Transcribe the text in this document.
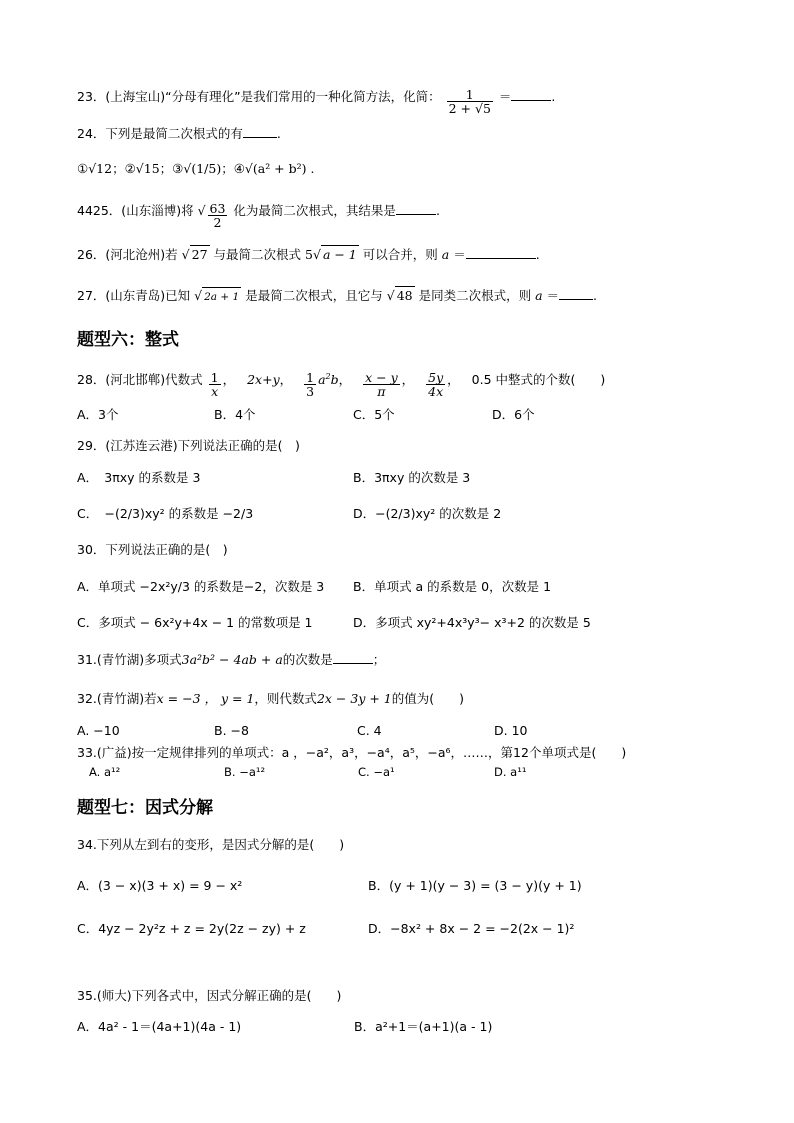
23．(上海宝山)“分母有理化”是我们常用的一种化简方法，化简： $\frac{1}{2 + √5}$ ＝	.
24．下列是最简二次根式的有	.
①√12；②√15；③√(1/5)；④√(a² + b²) .
4425．(山东淄博)将 √ $\frac{63}{2}$ 化为最简二次根式，其结果是	.
26．(河北沧州)若 √ 27 与最简二次根式 5√ a − 1 可以合并，则 a ＝	.
27．(山东青岛)已知 √ 2a + 1 是最简二次根式，且它与 √ 48 是同类二次根式，则 a ＝	.
题型六：整式
28．(河北邯郸)代数式 $\frac{1}{x}$ ， 2x+y， $\frac{1}{3} a^2b$， $\frac{x - y}{\pi}$ ， $\frac{5y}{4x}$ ， 0.5 中整式的个数(　　)
A．3个	B．4个	C．5个	D．6个
29．(江苏连云港)下列说法正确的是(　)
A．　3πxy 的系数是 3	B．3πxy 的次数是 3
C．　−(2/3)xy² 的系数是 −2/3	D．−(2/3)xy² 的次数是 2
30．下列说法正确的是(　)
A．单项式 −2x²y/3 的系数是−2，次数是 3 B．单项式 a 的系数是 0，次数是 1
C．多项式 − 6x²y+4x − 1 的常数项是 1	D．多项式 xy²+4x³y³− x³+2 的次数是 5
31.(青竹湖)多项式3a²b² − 4ab + a的次数是	；
32.(青竹湖)若x = −3 ， y = 1，则代数式2x − 3y + 1的值为(　　)
A. −10	B. −8	C. 4	D. 10
33.(广益)按一定规律排列的单项式：a ，−a²，a³，−a⁴，a⁵，−a⁶，……，第12个单项式是(　　)
A. a¹²	B. −a¹²	C. −a¹	D. a¹¹
题型七：因式分解
34.下列从左到右的变形，是因式分解的是(　　)
A．(3 − x)(3 + x) = 9 − x²	B．(y + 1)(y − 3) = (3 − y)(y + 1)
C．4yz − 2y²z + z = 2y(2z − zy) + z	D．−8x² + 8x − 2 = −2(2x − 1)²
35.(师大)下列各式中，因式分解正确的是(　　)
A．4a² - 1＝(4a+1)(4a - 1)	B．a²+1＝(a+1)(a - 1)
